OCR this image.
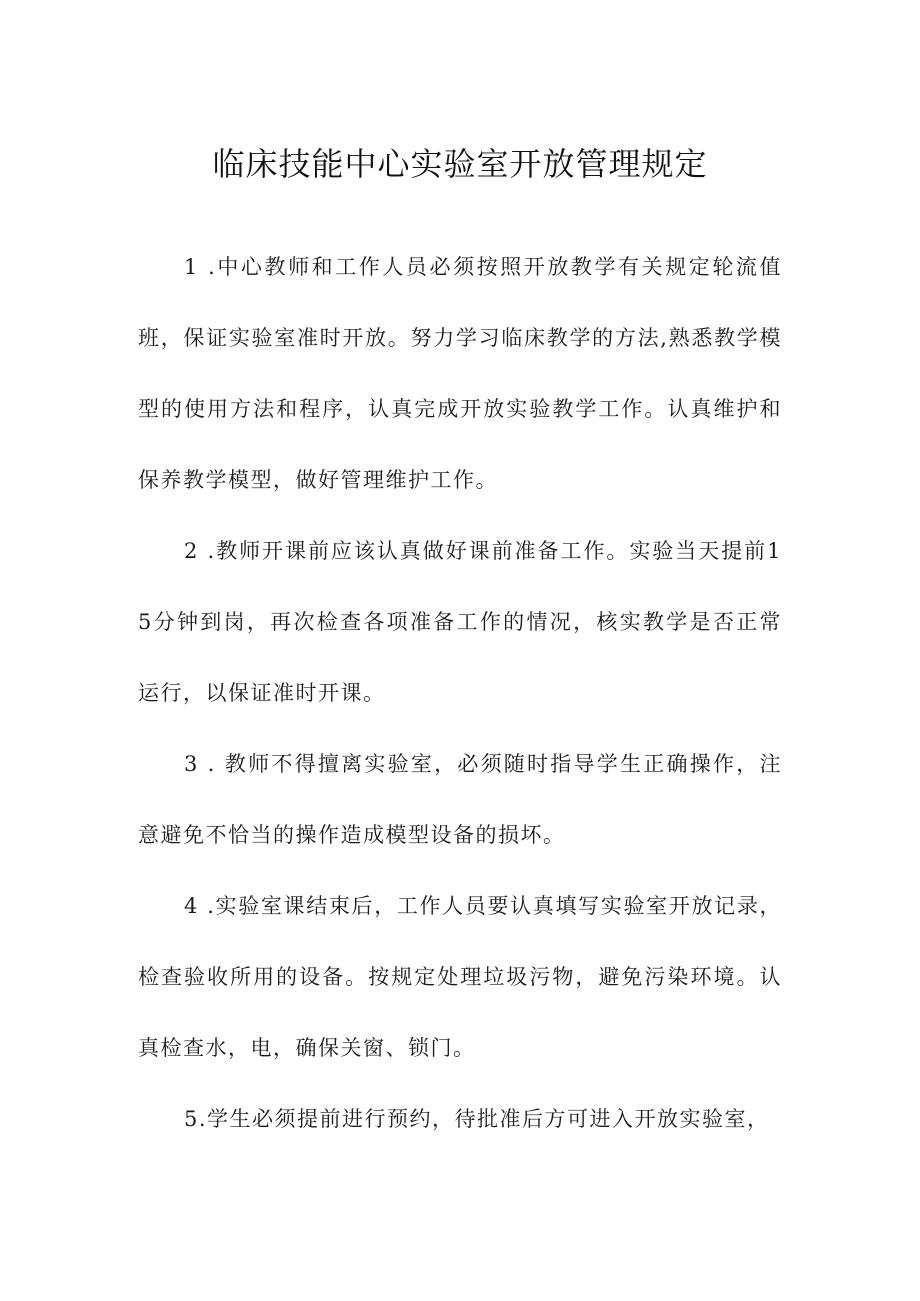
临床技能中心实验室开放管理规定

1 .中心教师和工作人员必须按照开放教学有关规定轮流值班，保证实验室准时开放。努力学习临床教学的方法,熟悉教学模型的使用方法和程序，认真完成开放实验教学工作。认真维护和保养教学模型，做好管理维护工作。

2 .教师开课前应该认真做好课前准备工作。实验当天提前15分钟到岗，再次检查各项准备工作的情况，核实教学是否正常运行，以保证准时开课。

3 . 教师不得擅离实验室，必须随时指导学生正确操作，注意避免不恰当的操作造成模型设备的损坏。

4 .实验室课结束后，工作人员要认真填写实验室开放记录，检查验收所用的设备。按规定处理垃圾污物，避免污染环境。认真检查水，电，确保关窗、锁门。

5.学生必须提前进行预约，待批准后方可进入开放实验室，
